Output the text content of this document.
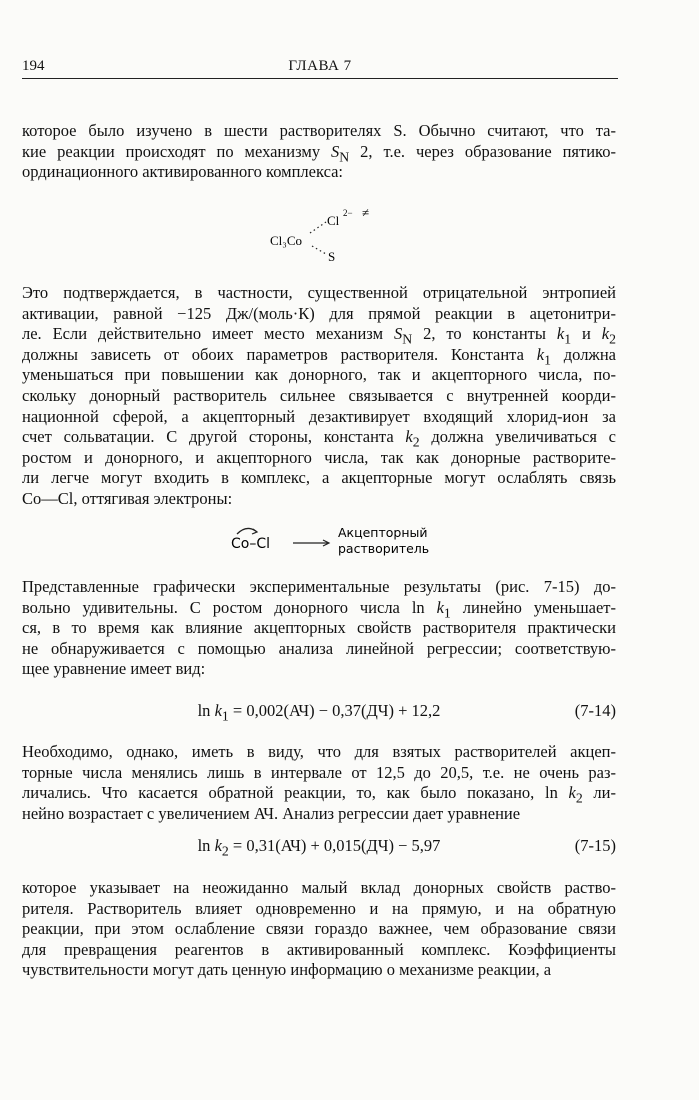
194	ГЛАВА 7
которое было изучено в шести растворителях S. Обычно считают, что та-
кие реакции происходят по механизму $S_N$ 2, т.е. через образование пятико-
ординационного активированного комплекса:
Cl₃Co
Cl 2− ≠
S
Это подтверждается, в частности, существенной отрицательной энтропией
активации, равной −125 Дж/(моль·К) для прямой реакции в ацетонитри-
ле. Если действительно имеет место механизм $S_N$ 2, то константы $k_1$ и $k_2$
должны зависеть от обоих параметров растворителя. Константа $k_1$ должна
уменьшаться при повышении как донорного, так и акцепторного числа, по-
скольку донорный растворитель сильнее связывается с внутренней коорди-
национной сферой, а акцепторный дезактивирует входящий хлорид-ион за
счет сольватации. С другой стороны, константа $k_2$ должна увеличиваться с
ростом и донорного, и акцепторного числа, так как донорные растворите-
ли легче могут входить в комплекс, а акцепторные могут ослаблять связь
Co—Cl, оттягивая электроны:
Co–Cl
Акцепторный
растворитель
Представленные графически экспериментальные результаты (рис. 7-15) до-
вольно удивительны. С ростом донорного числа $\ln k_1$ линейно уменьшает-
ся, в то время как влияние акцепторных свойств растворителя практически
не обнаруживается с помощью анализа линейной регрессии; соответствую-
щее уравнение имеет вид:
$\ln k_1 = 0,002(АЧ) - 0,37(ДЧ) + 12,2$	(7-14)
Необходимо, однако, иметь в виду, что для взятых растворителей акцеп-
торные числа менялись лишь в интервале от 12,5 до 20,5, т.е. не очень раз-
личались. Что касается обратной реакции, то, как было показано, $\ln k_2$ ли-
нейно возрастает с увеличением АЧ. Анализ регрессии дает уравнение
$\ln k_2 = 0,31(АЧ) + 0,015(ДЧ) - 5,97$	(7-15)
которое указывает на неожиданно малый вклад донорных свойств раство-
рителя. Растворитель влияет одновременно и на прямую, и на обратную
реакции, при этом ослабление связи гораздо важнее, чем образование связи
для превращения реагентов в активированный комплекс. Коэффициенты
чувствительности могут дать ценную информацию о механизме реакции, а
